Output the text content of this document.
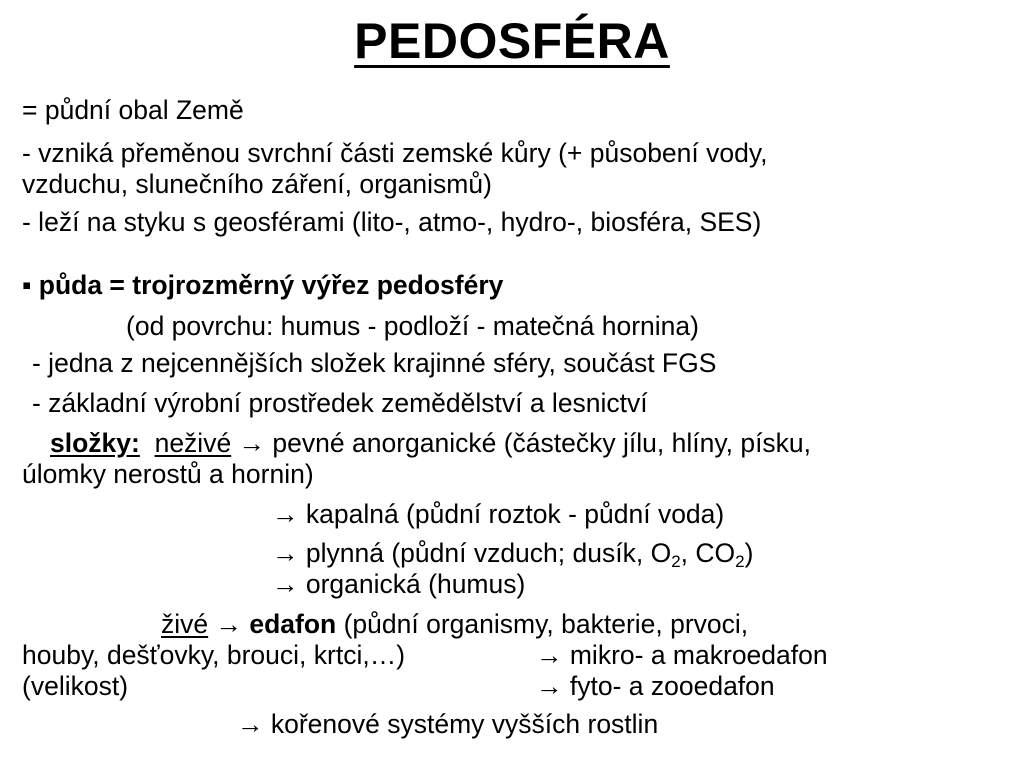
PEDOSFÉRA
= půdní obal Země
- vzniká přeměnou svrchní části zemské kůry (+ působení vody,
vzduchu, slunečního záření, organismů)
- leží na styku s geosférami (lito-, atmo-, hydro-, biosféra, SES)
▪ půda = trojrozměrný výřez pedosféry
(od povrchu: humus - podloží - matečná hornina)
- jedna z nejcennějších složek krajinné sféry, součást FGS
- základní výrobní prostředek zemědělství a lesnictví
složky: neživé → pevné anorganické (částečky jílu, hlíny, písku,
úlomky nerostů a hornin)
→ kapalná (půdní roztok - půdní voda)
→ plynná (půdní vzduch; dusík, $O_2$, $CO_2$)
→ organická (humus)
živé → edafon (půdní organismy, bakterie, prvoci,
houby, dešťovky, brouci, krtci,…)	→ mikro- a makroedafon
(velikost)	→ fyto- a zooedafon
→ kořenové systémy vyšších rostlin
